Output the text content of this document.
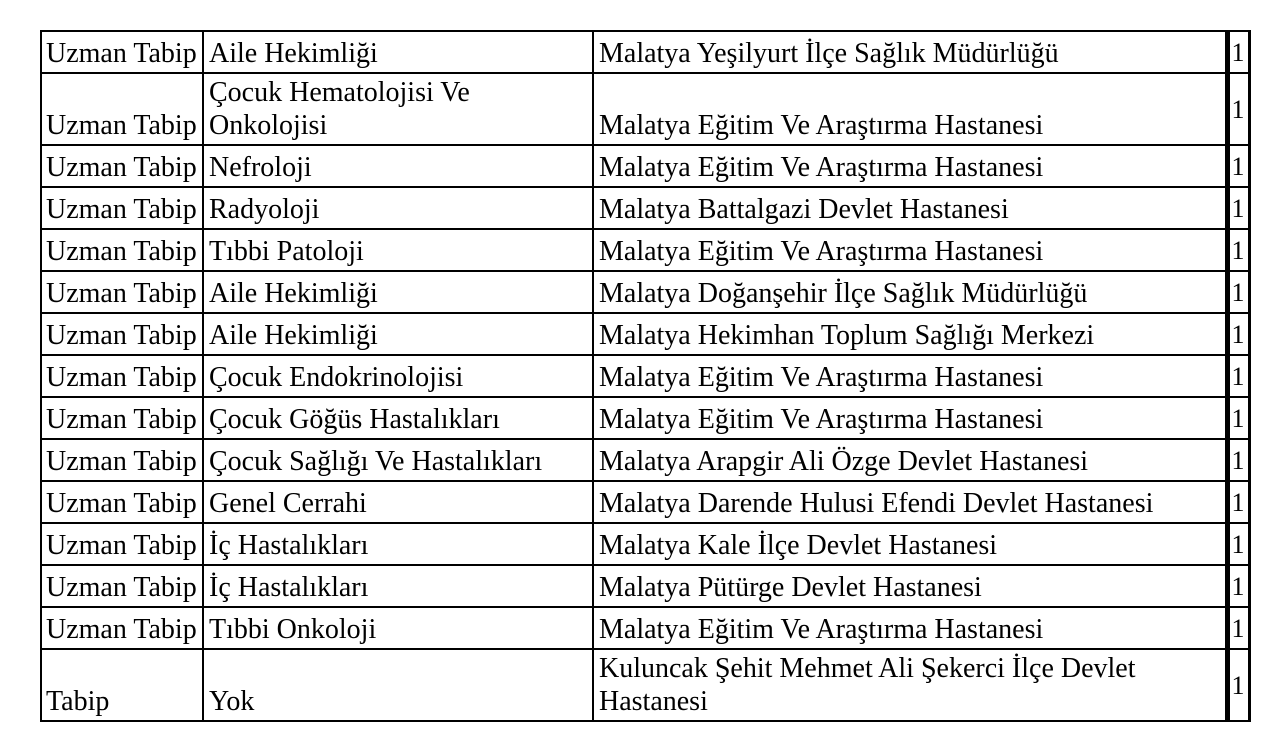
Uzman Tabip	Aile Hekimliği	Malatya Yeşilyurt İlçe Sağlık Müdürlüğü	1

Uzman Tabip	Çocuk Hematolojisi Ve Onkolojisi	Malatya Eğitim Ve Araştırma Hastanesi	1

Uzman Tabip	Nefroloji	Malatya Eğitim Ve Araştırma Hastanesi	1

Uzman Tabip	Radyoloji	Malatya Battalgazi Devlet Hastanesi	1

Uzman Tabip	Tıbbi Patoloji	Malatya Eğitim Ve Araştırma Hastanesi	1

Uzman Tabip	Aile Hekimliği	Malatya Doğanşehir İlçe Sağlık Müdürlüğü	1

Uzman Tabip	Aile Hekimliği	Malatya Hekimhan Toplum Sağlığı Merkezi	1

Uzman Tabip	Çocuk Endokrinolojisi	Malatya Eğitim Ve Araştırma Hastanesi	1

Uzman Tabip	Çocuk Göğüs Hastalıkları	Malatya Eğitim Ve Araştırma Hastanesi	1

Uzman Tabip	Çocuk Sağlığı Ve Hastalıkları	Malatya Arapgir Ali Özge Devlet Hastanesi	1

Uzman Tabip	Genel Cerrahi	Malatya Darende Hulusi Efendi Devlet Hastanesi	1

Uzman Tabip	İç Hastalıkları	Malatya Kale İlçe Devlet Hastanesi	1

Uzman Tabip	İç Hastalıkları	Malatya Pütürge Devlet Hastanesi	1

Uzman Tabip	Tıbbi Onkoloji	Malatya Eğitim Ve Araştırma Hastanesi	1

Tabip	Yok	Kuluncak Şehit Mehmet Ali Şekerci İlçe Devlet Hastanesi	1
